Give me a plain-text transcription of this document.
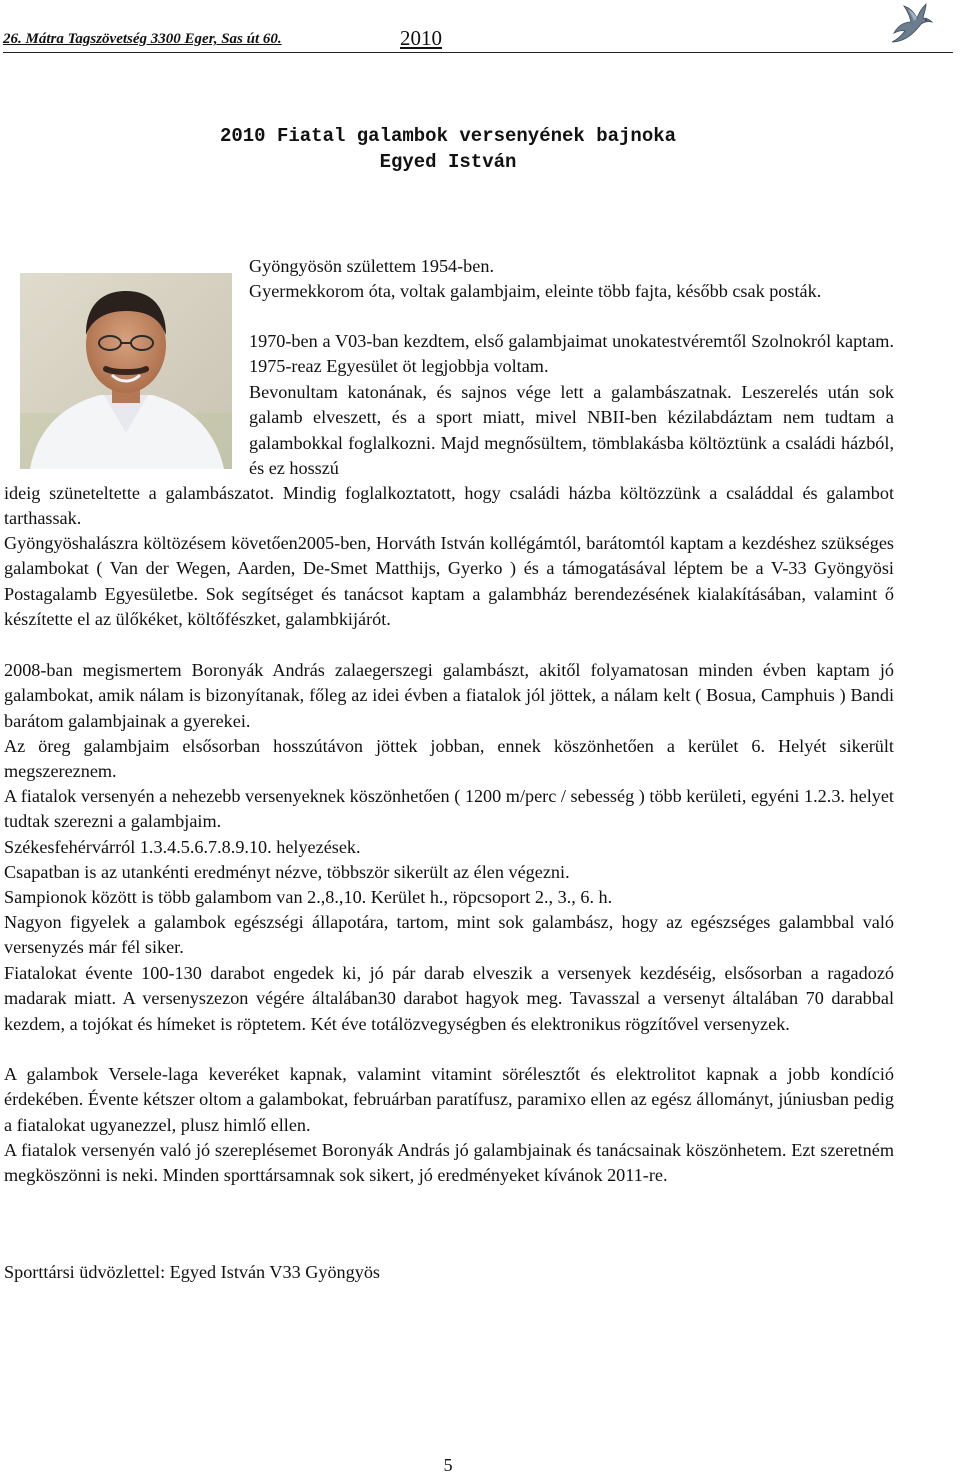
26. Mátra Tagszövetség 3300 Eger, Sas út 60.	2010
2010 Fiatal galambok versenyének bajnoka
Egyed István

Gyöngyösön születtem 1954-ben.

Gyermekkorom óta, voltak galambjaim, eleinte több fajta, később csak posták.

1970-ben a V03-ban kezdtem, első galambjaimat unokatestvéremtől Szolnokról kaptam. 1975-reaz Egyesület öt legjobbja voltam.

Bevonultam katonának, és sajnos vége lett a galambászatnak. Leszerelés után sok galamb elveszett, és a sport miatt, mivel NBII-ben kézilabdáztam nem tudtam a galambokkal foglalkozni. Majd megnősültem, tömblakásba költöztünk a családi házból, és ez hosszú

ideig szüneteltette a galambászatot. Mindig foglalkoztatott, hogy családi házba költözzünk a családdal és galambot tarthassak.

Gyöngyöshalászra költözésem követően2005-ben, Horváth István kollégámtól, barátomtól kaptam a kezdéshez szükséges galambokat ( Van der Wegen, Aarden, De-Smet Matthijs, Gyerko ) és a támogatásával léptem be a V-33 Gyöngyösi Postagalamb Egyesületbe. Sok segítséget és tanácsot kaptam a galambház berendezésének kialakításában, valamint ő készítette el az ülőkéket, költőfészket, galambkijárót.

2008-ban megismertem Boronyák András zalaegerszegi galambászt, akitől folyamatosan minden évben kaptam jó galambokat, amik nálam is bizonyítanak, főleg az idei évben a fiatalok jól jöttek, a nálam kelt ( Bosua, Camphuis ) Bandi barátom galambjainak a gyerekei.

Az öreg galambjaim elsősorban hosszútávon jöttek jobban, ennek köszönhetően a kerület 6. Helyét sikerült megszereznem.

A fiatalok versenyén a nehezebb versenyeknek köszönhetően ( 1200 m/perc / sebesség ) több kerületi, egyéni 1.2.3. helyet tudtak szerezni a galambjaim.

Székesfehérvárról 1.3.4.5.6.7.8.9.10. helyezések.

Csapatban is az utankénti eredményt nézve, többször sikerült az élen végezni.

Sampionok között is több galambom van 2.,8.,10. Kerület h., röpcsoport 2., 3., 6. h.

Nagyon figyelek a galambok egészségi állapotára, tartom, mint sok galambász, hogy az egészséges galambbal való versenyzés már fél siker.

Fiatalokat évente 100-130 darabot engedek ki, jó pár darab elveszik a versenyek kezdéséig, elsősorban a ragadozó madarak miatt. A versenyszezon végére általában30 darabot hagyok meg. Tavasszal a versenyt általában 70 darabbal kezdem, a tojókat és hímeket is röptetem. Két éve totálözvegységben és elektronikus rögzítővel versenyzek.

A galambok Versele-laga keveréket kapnak, valamint vitamint sörélesztőt és elektrolitot kapnak a jobb kondíció érdekében. Évente kétszer oltom a galambokat, februárban paratífusz, paramixo ellen az egész állományt, júniusban pedig a fiatalokat ugyanezzel, plusz himlő ellen.

A fiatalok versenyén való jó szereplésemet Boronyák András jó galambjainak és tanácsainak köszönhetem. Ezt szeretném megköszönni is neki. Minden sporttársamnak sok sikert, jó eredményeket kívánok 2011-re.

Sporttársi üdvözlettel: Egyed István V33 Gyöngyös
5
